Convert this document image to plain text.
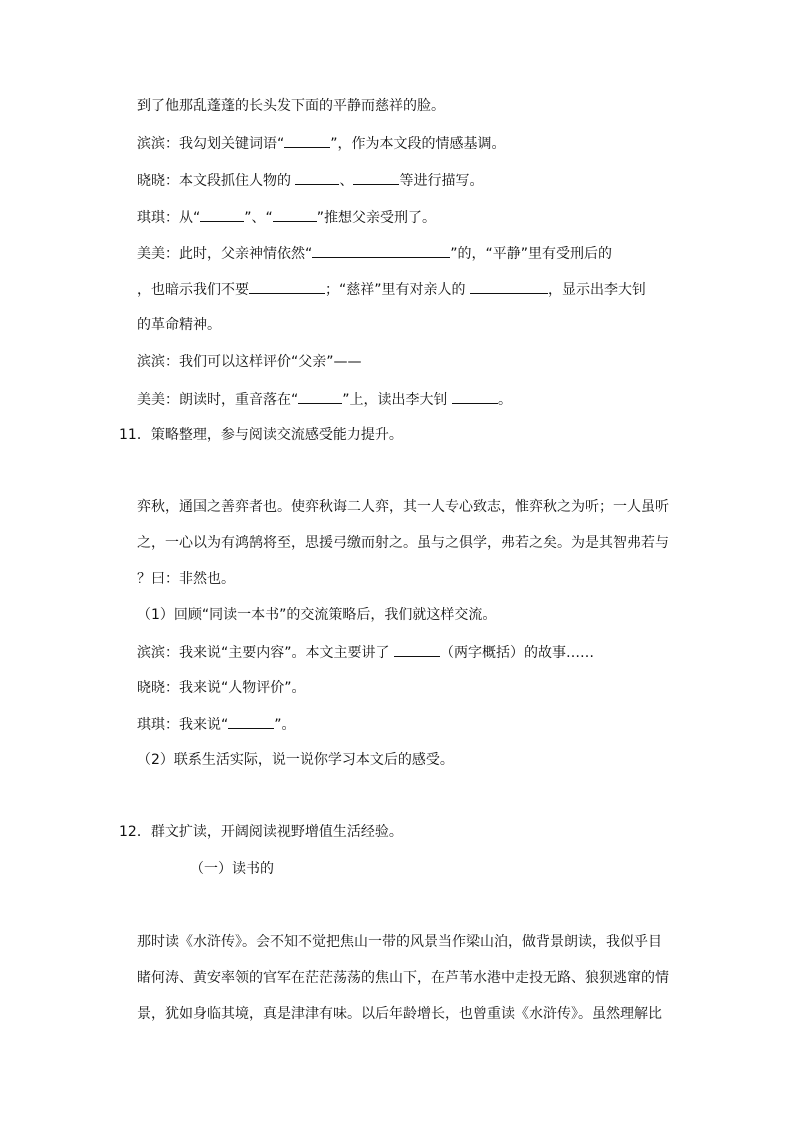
到了他那乱蓬蓬的长头发下面的平静而慈祥的脸。

滨滨：我勾划关键词语“	”，作为本文段的情感基调。

晓晓：本文段抓住人物的	、	等进行描写。

琪琪：从“	”、“	”推想父亲受刑了。

美美：此时，父亲神情依然“	”的，“平静”里有受刑后的

，也暗示我们不要	；“慈祥”里有对亲人的	，显示出李大钊

的革命精神。

滨滨：我们可以这样评价“父亲”——

美美：朗读时，重音落在“	”上，读出李大钊	。

11．策略整理，参与阅读交流感受能力提升。

弈秋，通国之善弈者也。使弈秋诲二人弈，其一人专心致志，惟弈秋之为听；一人虽听

之，一心以为有鸿鹄将至，思援弓缴而射之。虽与之俱学，弗若之矣。为是其智弗若与

？曰：非然也。

（1）回顾“同读一本书”的交流策略后，我们就这样交流。

滨滨：我来说“主要内容”。本文主要讲了	（两字概括）的故事……

晓晓：我来说“人物评价”。

琪琪：我来说“	”。

（2）联系生活实际，说一说你学习本文后的感受。

12．群文扩读，开阔阅读视野增值生活经验。

（一）读书的

那时读《水浒传》。会不知不觉把焦山一带的风景当作梁山泊，做背景朗读，我似乎目

睹何涛、黄安率领的官军在茫茫荡荡的焦山下，在芦苇水港中走投无路、狼狈逃窜的情

景，犹如身临其境，真是津津有味。以后年龄增长，也曾重读《水浒传》。虽然理解比
